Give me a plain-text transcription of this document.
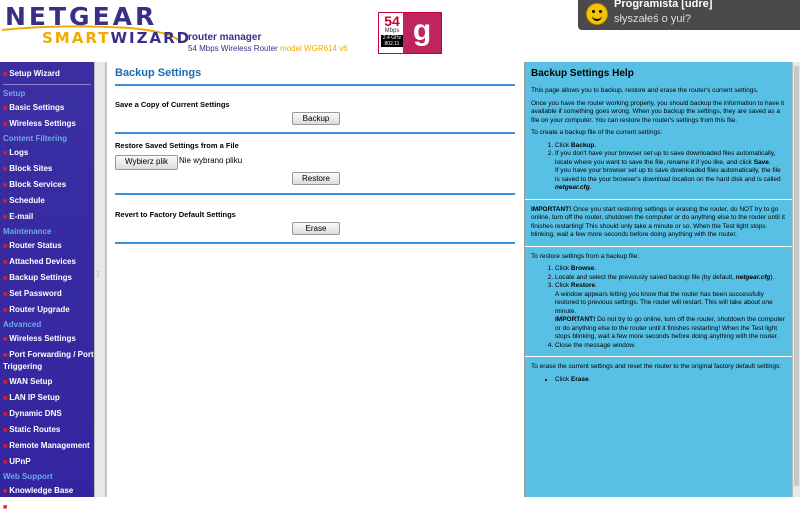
NETGEAR
SMARTWIZARD
router manager
54 Mbps Wireless Router model WGR614 v6
54
Mbps
2.4 GHz 802.11 g
Programista [udre]
słyszałeś o yui?
■ Setup Wizard
Setup
■ Basic Settings
■ Wireless Settings
Content Filtering
■ Logs
■ Block Sites
■ Block Services
■ Schedule
■ E-mail
Maintenance
■ Router Status
■ Attached Devices
■ Backup Settings
■ Set Password
■ Router Upgrade
Advanced
■ Wireless Settings
■ Port Forwarding / Port Triggering
■ WAN Setup
■ LAN IP Setup
■ Dynamic DNS
■ Static Routes
■ Remote Management
■ UPnP
Web Support
■ Knowledge Base
■ Documentation
⁞
Backup Settings
Save a Copy of Current Settings
Backup
Restore Saved Settings from a File
Wybierz plik	Nie wybrano pliku
Restore
Revert to Factory Default Settings
Erase
Backup Settings Help

This page allows you to backup, restore and erase the router's current settings.

Once you have the router working properly, you should backup the information to have it available if something goes wrong. When you backup the settings, they are saved as a file on your computer. You can restore the router's settings from this file.

To create a backup file of the current settings:

1. Click Backup.
2. If you don't have your browser set up to save downloaded files automatically, locate where you want to save the file, rename it if you like, and click Save.
If you have your browser set up to save downloaded files automatically, the file is saved to the your browser's download location on the hard disk and is called netgear.cfg.

IMPORTANT! Once you start restoring settings or erasing the router, do NOT try to go online, turn off the router, shutdown the computer or do anything else to the router until it finishes restarting! This should only take a minute or so. When the Test light stops blinking, wait a few more seconds before doing anything with the router.

To restore settings from a backup file:

1. Click Browse.
2. Locate and select the previously saved backup file (by default, netgear.cfg).
3. Click Restore.
A window appears letting you know that the router has been successfully restored to previous settings. The router will restart. This will take about one minute.
IMPORTANT! Do not try to go online, turn off the router, shutdown the computer or do anything else to the router until it finishes restarting! When the Test light stops blinking, wait a few more seconds before doing anything with the router.
4. Close the message window.

To erase the current settings and reset the router to the original factory default settings:

• Click Erase.
